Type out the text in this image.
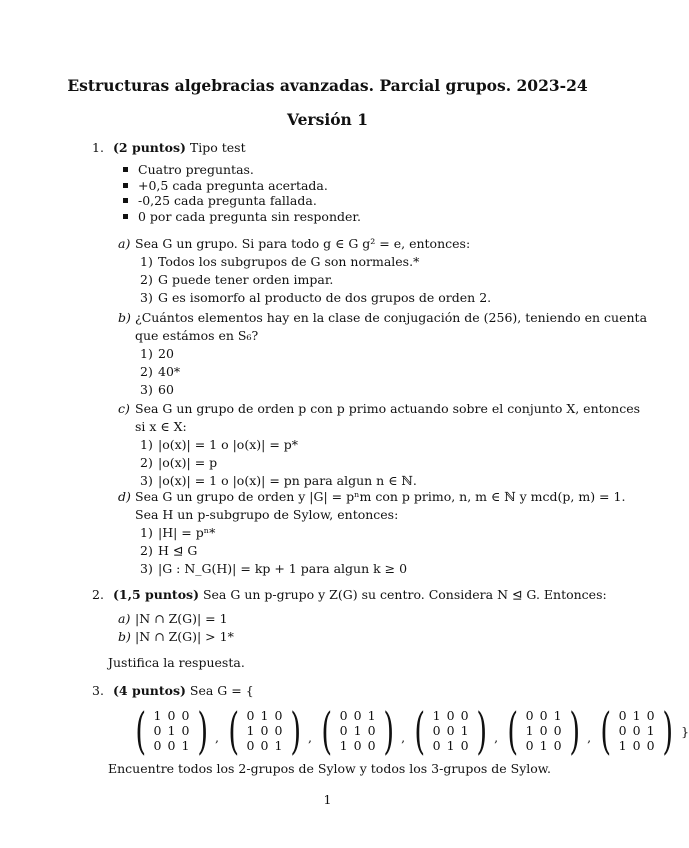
Estructuras algebracias avanzadas. Parcial grupos. 2023-24
Versión 1
1. (2 puntos) Tipo test
Cuatro preguntas.
+0,5 cada pregunta acertada.
-0,25 cada pregunta fallada.
0 por cada pregunta sin responder.
a) Sea G un grupo. Si para todo g ∈ G g² = e, entonces:
1) Todos los subgrupos de G son normales.*
2) G puede tener orden impar.
3) G es isomorfo al producto de dos grupos de orden 2.
b) ¿Cuántos elementos hay en la clase de conjugación de (256), teniendo en cuenta
que estámos en S₆?
1) 20
2) 40*
3) 60
c) Sea G un grupo de orden p con p primo actuando sobre el conjunto X, entonces
si x ∈ X:
1) |o(x)| = 1 o |o(x)| = p*
2) |o(x)| = p
3) |o(x)| = 1 o |o(x)| = pn para algun n ∈ ℕ.
d) Sea G un grupo de orden y |G| = pⁿm con p primo, n, m ∈ ℕ y mcd(p, m) = 1.
Sea H un p-subgrupo de Sylow, entonces:
1) |H| = pⁿ*
2) H ⊴ G
3) |G : N_G(H)| = kp + 1 para algun k ≥ 0
2. (1,5 puntos) Sea G un p-grupo y Z(G) su centro. Considera N ⊴ G. Entonces:
a) |N ∩ Z(G)| = 1
b) |N ∩ Z(G)| > 1*
Justifica la respuesta.
3. (4 puntos) Sea G = {
( 1 0 0
0 1 0
0 0 1 ) , ( 0 1 0
1 0 0
0 0 1 ) , ( 0 0 1
0 1 0
1 0 0 ) , ( 1 0 0
0 0 1
0 1 0 ) , ( 0 0 1
1 0 0
0 1 0 ) , ( 0 1 0
0 0 1
1 0 0 ) }
Encuentre todos los 2-grupos de Sylow y todos los 3-grupos de Sylow.
1
